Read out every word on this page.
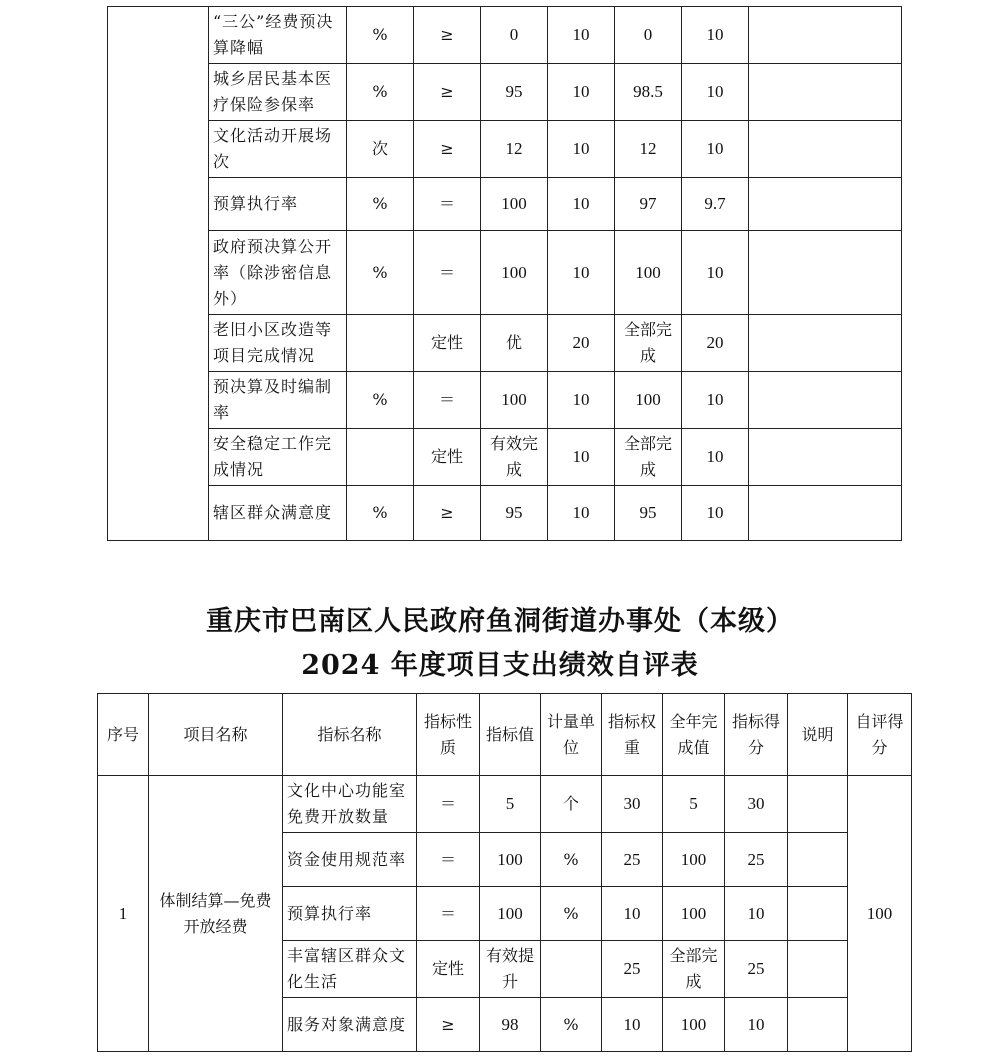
	“三公”经费预决算降幅	%	≥	0	10	0	10	
	城乡居民基本医疗保险参保率	%	≥	95	10	98.5	10	
	文化活动开展场次	次	≥	12	10	12	10	
	预算执行率	%	＝	100	10	97	9.7	
	政府预决算公开率（除涉密信息外）	%	＝	100	10	100	10	
	老旧小区改造等项目完成情况		定性	优	20	全部完成	20	
	预决算及时编制率	%	＝	100	10	100	10	
	安全稳定工作完成情况		定性	有效完成	10	全部完成	10	
	辖区群众满意度	%	≥	95	10	95	10	
重庆市巴南区人民政府鱼洞街道办事处（本级）
2024 年度项目支出绩效自评表
序号	项目名称	指标名称	指标性质	指标值	计量单位	指标权重	全年完成值	指标得分	说明	自评得分
1	体制结算—免费开放经费	文化中心功能室免费开放数量	＝	5	个	30	5	30		100
		资金使用规范率	＝	100	%	25	100	25		
		预算执行率	＝	100	%	10	100	10		
		丰富辖区群众文化生活	定性	有效提升		25	全部完成	25		
		服务对象满意度	≥	98	%	10	100	10		
